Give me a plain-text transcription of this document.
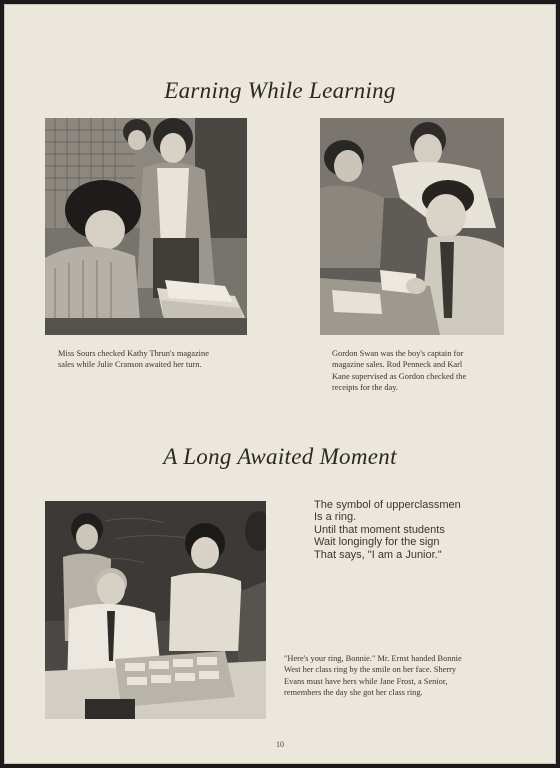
Earning While Learning
Miss Sours checked Kathy Thrun's magazine
sales while Julie Cranson awaited her turn.
Gordon Swan was the boy's captain for
magazine sales. Rod Penneck and Karl
Kane supervised as Gordon checked the
receipts for the day.
A Long Awaited Moment
The symbol of upperclassmen
Is a ring.
Until that moment students
Wait longingly for the sign
That says, "I am a Junior."
"Here's your ring, Bonnie." Mr. Ernst handed Bonnie
West her class ring by the smile on her face. Sherry
Evans must have hers while Jane Frost, a Senior,
remembers the day she got her class ring.
10
